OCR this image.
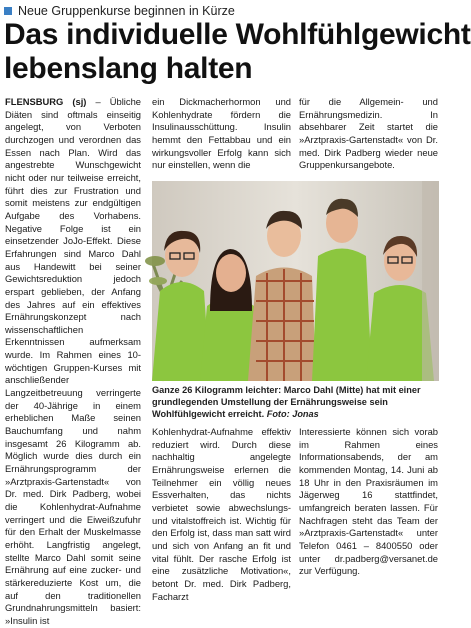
Neue Gruppenkurse beginnen in Kürze
Das individuelle Wohlfühlgewicht
lebenslang halten

FLENSBURG (sj) – Übliche Diäten sind oftmals einseitig angelegt, von Verboten durchzogen und verordnen das Essen nach Plan. Wird das angestrebte Wunschgewicht nicht oder nur teilweise erreicht, führt dies zur Frustration und somit meistens zur endgültigen Aufgabe des Vorhabens. Negative Folge ist ein einsetzender JoJo-Effekt. Diese Erfahrungen sind Marco Dahl aus Handewitt bei seiner Gewichtsreduktion jedoch erspart geblieben, der Anfang des Jahres auf ein effektives Ernährungskonzept nach wissenschaftlichen Erkenntnissen aufmerksam wurde. Im Rahmen eines 10-wöchtigen Gruppen-Kurses mit anschließender Langzeitbetreuung verringerte der 40-Jährige in einem erheblichen Maße seinen Bauchumfang und nahm insgesamt 26 Kilogramm ab. Möglich wurde dies durch ein Ernährungsprogramm der »Arztpraxis-Gartenstadt« von Dr. med. Dirk Padberg, wobei die Kohlenhydrat-Aufnahme verringert und die Eiweißzufuhr für den Erhalt der Muskelmasse erhöht. Langfristig angelegt, stellte Marco Dahl somit seine Ernährung auf eine zucker- und stärkereduzierte Kost um, die auf den traditionellen Grundnahrungsmitteln basiert: »Insulin ist

ein Dickmacherhormon und Kohlenhydrate fördern die Insulinausschüttung. Insulin hemmt den Fettabbau und ein wirkungsvoller Erfolg kann sich nur einstellen, wenn die

für die Allgemein- und Ernährungsmedizin. In absehbarer Zeit startet die »Arztpraxis-Gartenstadt« von Dr. med. Dirk Padberg wieder neue Gruppenkursangebote.

Ganze 26 Kilogramm leichter: Marco Dahl (Mitte) hat mit einer grundlegenden Umstellung der Ernährungsweise sein Wohlfühlgewicht erreicht. Foto: Jonas

Kohlenhydrat-Aufnahme effektiv reduziert wird. Durch diese nachhaltig angelegte Ernährungsweise erlernen die Teilnehmer ein völlig neues Essverhalten, das nichts verbietet sowie abwechslungs- und vitalstoffreich ist. Wichtig für den Erfolg ist, dass man satt wird und sich von Anfang an fit und vital fühlt. Der rasche Erfolg ist eine zusätzliche Motivation«, betont Dr. med. Dirk Padberg, Facharzt

Interessierte können sich vorab im Rahmen eines Informationsabends, der am kommenden Montag, 14. Juni ab 18 Uhr in den Praxisräumen im Jägerweg 16 stattfindet, umfangreich beraten lassen. Für Nachfragen steht das Team der »Arztpraxis-Gartenstadt« unter Telefon 0461 – 8400550 oder unter dr.padberg@versanet.de zur Verfügung.
